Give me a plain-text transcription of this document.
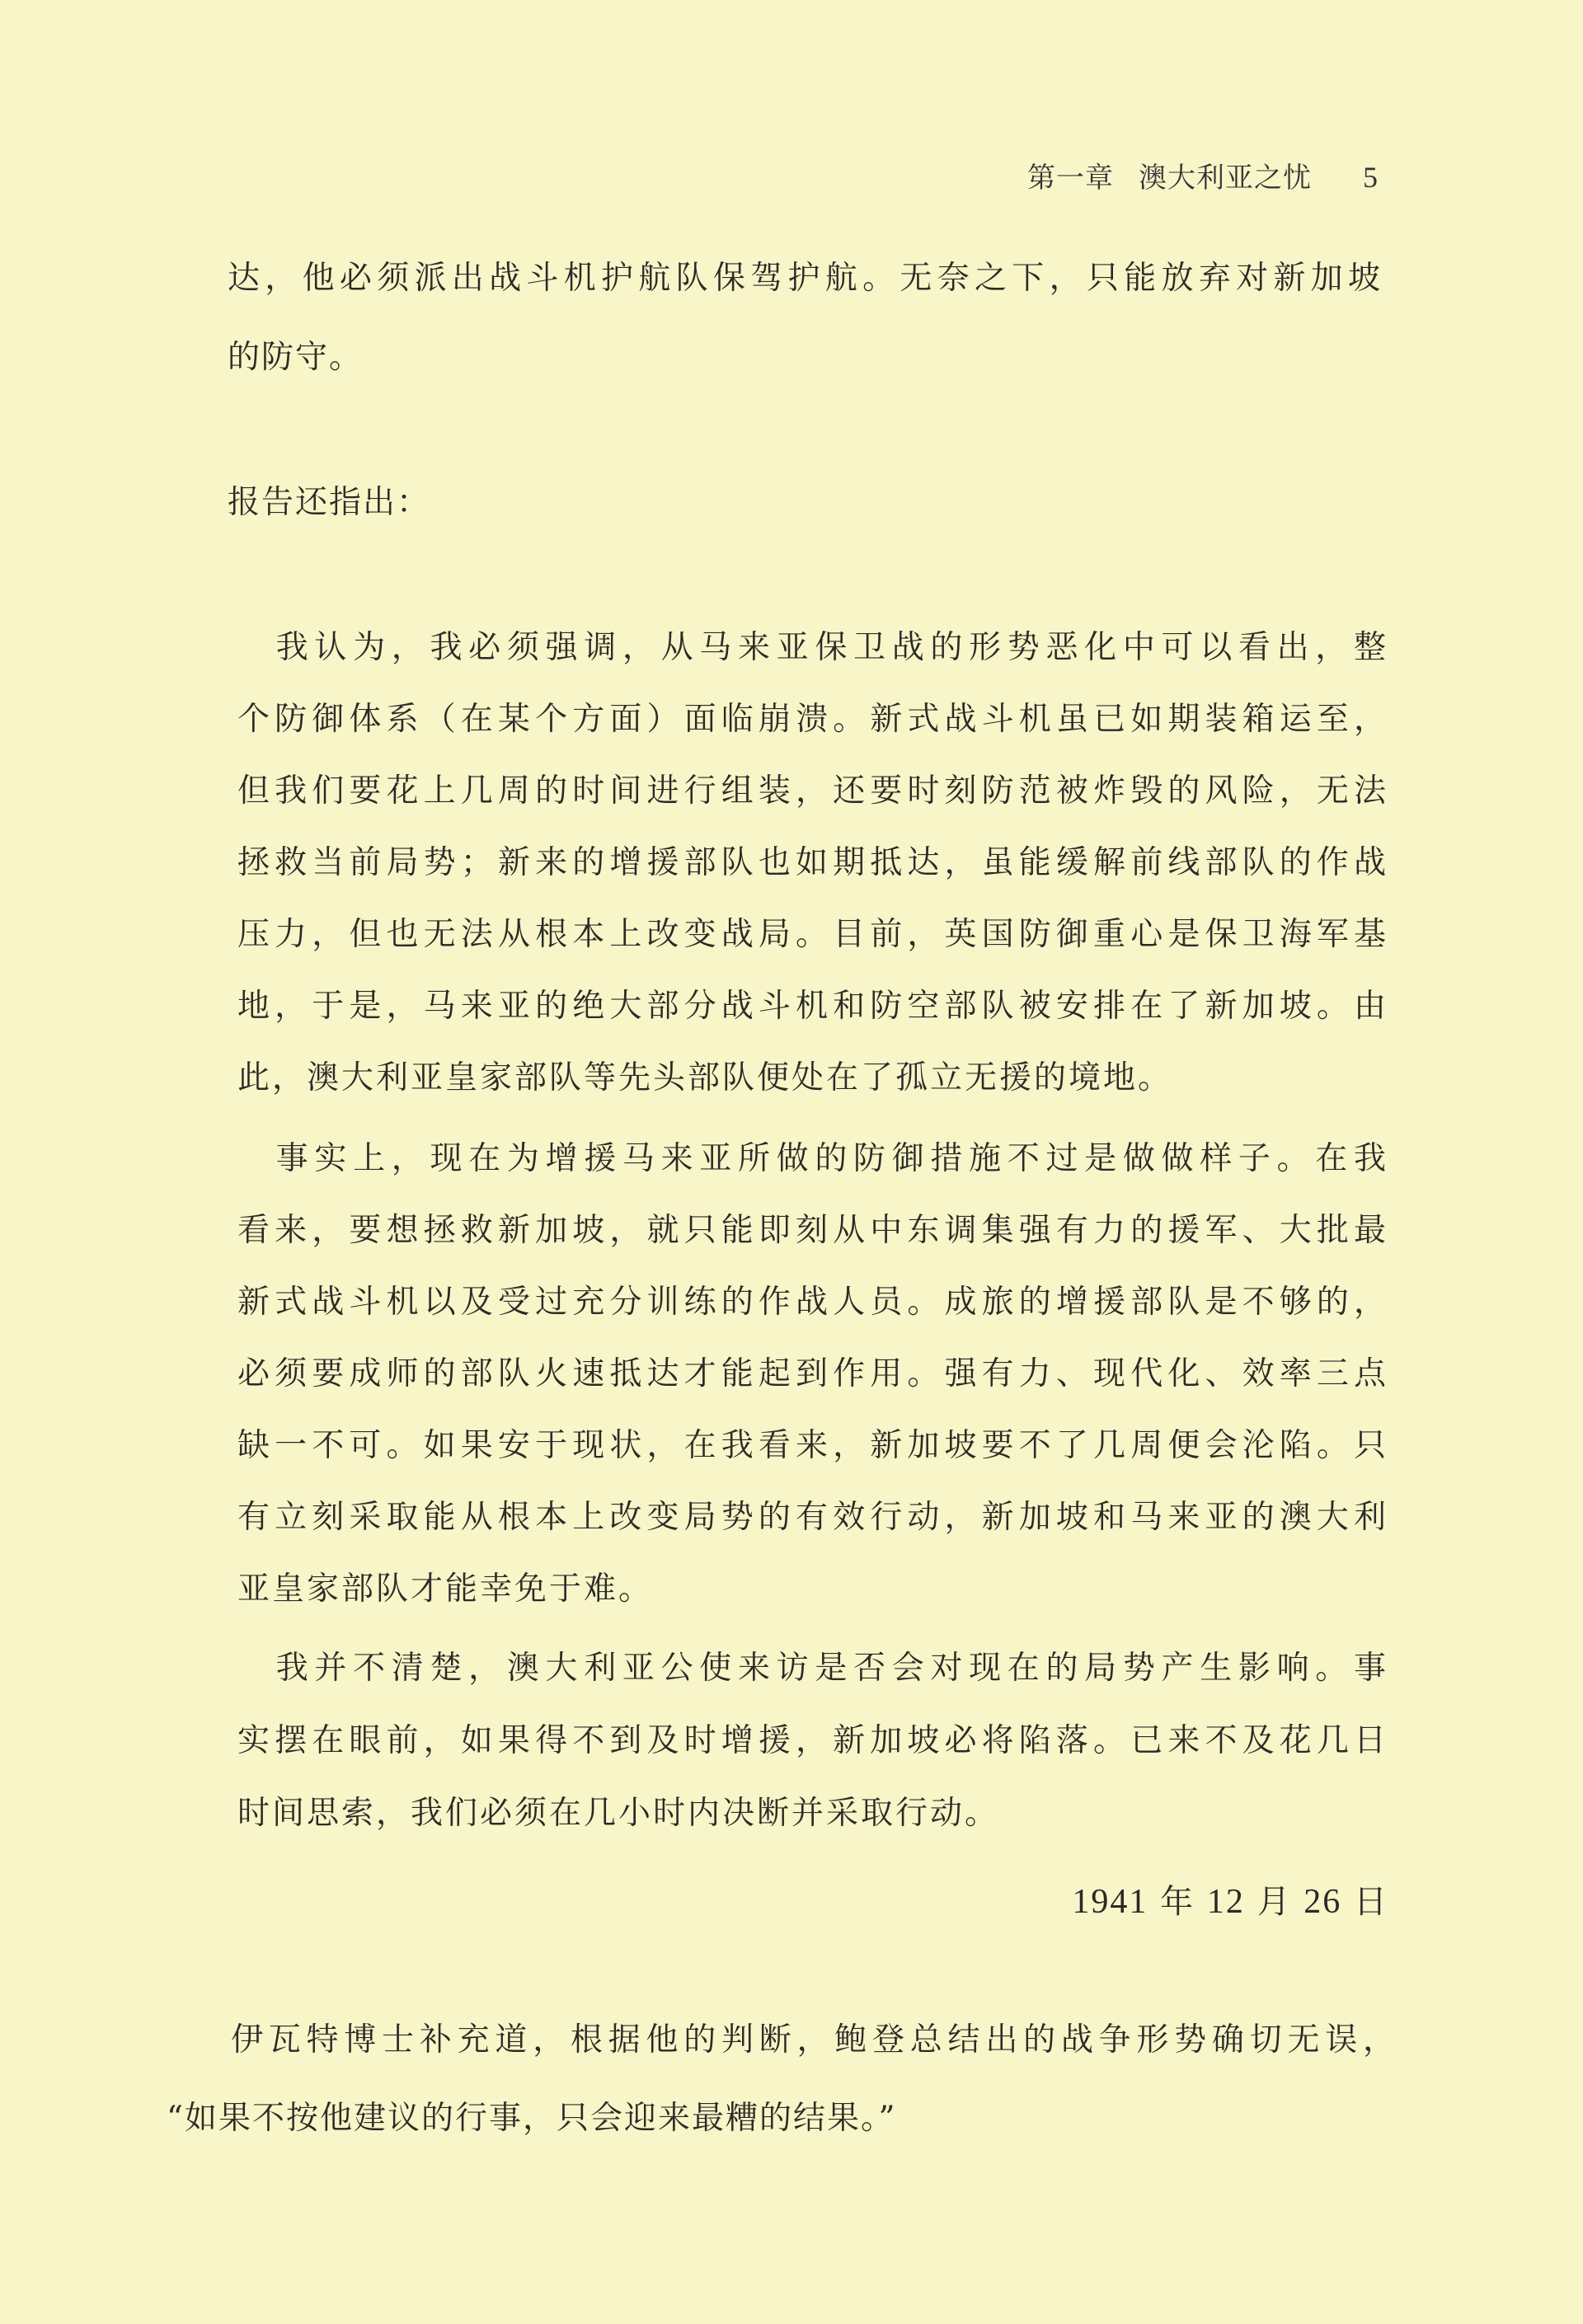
第一章 澳大利亚之忧 5
达，他必须派出战斗机护航队保驾护航。无奈之下，只能放弃对新加坡
的防守。
报告还指出：
　我认为，我必须强调，从马来亚保卫战的形势恶化中可以看出，整
个防御体系（在某个方面）面临崩溃。新式战斗机虽已如期装箱运至，
但我们要花上几周的时间进行组装，还要时刻防范被炸毁的风险，无法
拯救当前局势；新来的增援部队也如期抵达，虽能缓解前线部队的作战
压力，但也无法从根本上改变战局。目前，英国防御重心是保卫海军基
地，于是，马来亚的绝大部分战斗机和防空部队被安排在了新加坡。由
此，澳大利亚皇家部队等先头部队便处在了孤立无援的境地。
　事实上，现在为增援马来亚所做的防御措施不过是做做样子。在我
看来，要想拯救新加坡，就只能即刻从中东调集强有力的援军、大批最
新式战斗机以及受过充分训练的作战人员。成旅的增援部队是不够的，
必须要成师的部队火速抵达才能起到作用。强有力、现代化、效率三点
缺一不可。如果安于现状，在我看来，新加坡要不了几周便会沦陷。只
有立刻采取能从根本上改变局势的有效行动，新加坡和马来亚的澳大利
亚皇家部队才能幸免于难。
　我并不清楚，澳大利亚公使来访是否会对现在的局势产生影响。事
实摆在眼前，如果得不到及时增援，新加坡必将陷落。已来不及花几日
时间思索，我们必须在几小时内决断并采取行动。
1941 年 12 月 26 日
伊瓦特博士补充道，根据他的判断，鲍登总结出的战争形势确切无误，
“如果不按他建议的行事，只会迎来最糟的结果。”
